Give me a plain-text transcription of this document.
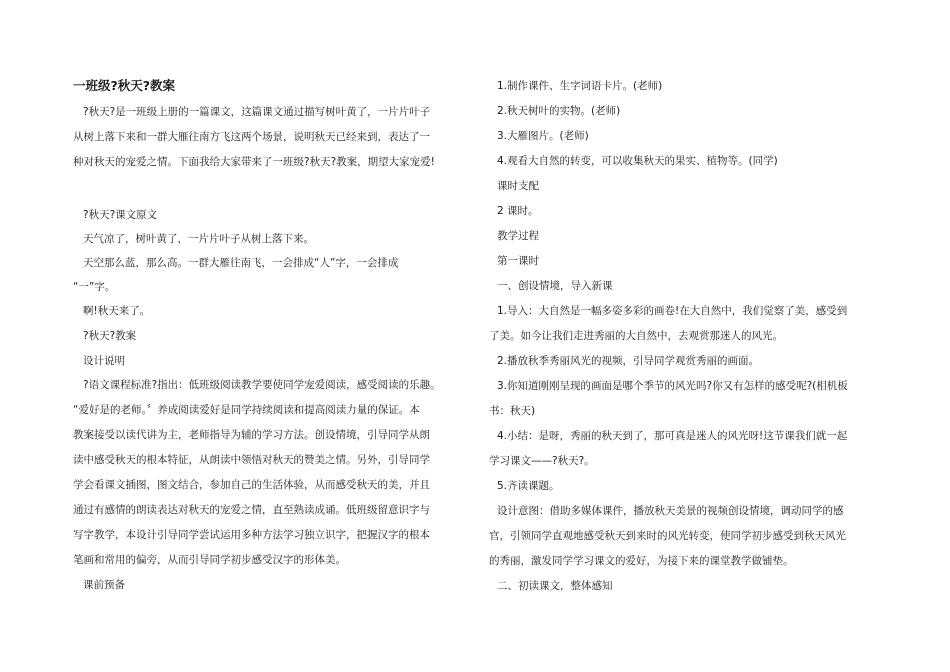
一班级?秋天?教案
?秋天?是一班级上册的一篇课文，这篇课文通过描写树叶黄了，一片片叶子
从树上落下来和一群大雁往南方飞这两个场景，说明秋天已经来到，表达了一
种对秋天的宠爱之情。下面我给大家带来了一班级?秋天?教案，期望大家宠爱!
?秋天?课文原文
天气凉了，树叶黄了，一片片叶子从树上落下来。
天空那么蓝，那么高。一群大雁往南飞，一会排成“人”字，一会排成
“一”字。
啊!秋天来了。
?秋天?教案
设计说明
?语文课程标准?指出：低班级阅读教学要使同学宠爱阅读，感受阅读的乐趣。
“爱好是的老师。〞养成阅读爱好是同学持续阅读和提高阅读力量的保证。本
教案接受以读代讲为主，老师指导为辅的学习方法。创设情境，引导同学从朗
读中感受秋天的根本特征，从朗读中领悟对秋天的赞美之情。另外，引导同学
学会看课文插图，图文结合，参加自己的生活体验，从而感受秋天的美，并且
通过有感情的朗读表达对秋天的宠爱之情，直至熟读成诵。低班级留意识字与
写字教学，本设计引导同学尝试运用多种方法学习独立识字，把握汉字的根本
笔画和常用的偏旁，从而引导同学初步感受汉字的形体美。
课前预备
1.制作课件、生字词语卡片。(老师)
2.秋天树叶的实物。(老师)
3.大雁图片。(老师)
4.观看大自然的转变，可以收集秋天的果实、植物等。(同学)
课时支配
2 课时。
教学过程
第一课时
一、创设情境，导入新课
1.导入：大自然是一幅多姿多彩的画卷!在大自然中，我们觉察了美，感受到
了美。如今让我们走进秀丽的大自然中，去观赏那迷人的风光。
2.播放秋季秀丽风光的视频，引导同学观赏秀丽的画面。
3.你知道刚刚呈现的画面是哪个季节的风光吗?你又有怎样的感受呢?(相机板
书：秋天)
4.小结：是呀，秀丽的秋天到了，那可真是迷人的风光呀!这节课我们就一起
学习课文——?秋天?。
5.齐读课题。
设计意图：借助多媒体课件，播放秋天美景的视频创设情境，调动同学的感
官，引领同学直观地感受秋天到来时的风光转变，使同学初步感受到秋天风光
的秀丽，激发同学学习课文的爱好，为接下来的课堂教学做铺垫。
二、初读课文，整体感知
